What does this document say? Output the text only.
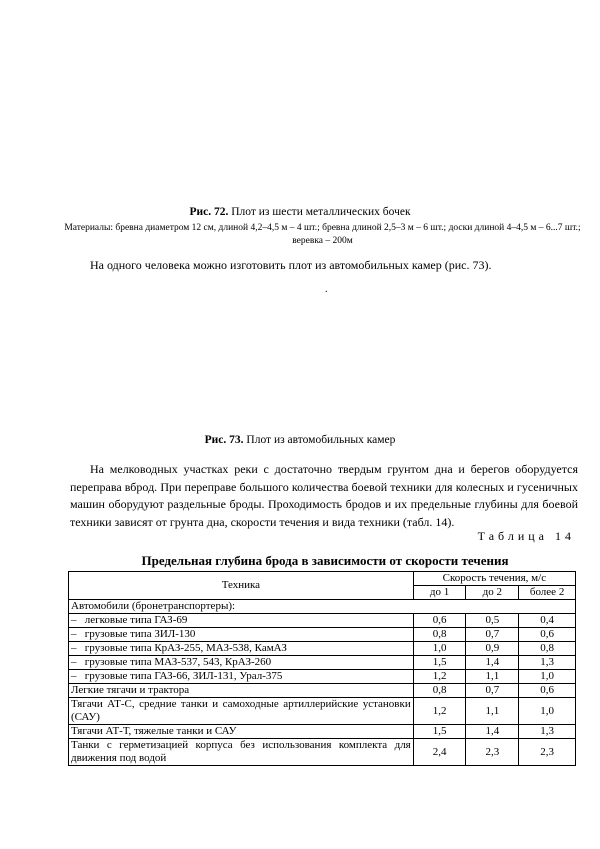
Рис. 72. Плот из шести металлических бочек
Материалы: бревна диаметром 12 см, длиной 4,2–4,5 м – 4 шт.; бревна длиной 2,5–3 м – 6 шт.; доски длиной 4–4,5 м – 6...7 шт.; веревка – 200м
На одного человека можно изготовить плот из автомобильных камер (рис. 73).
.
Рис. 73. Плот из автомобильных камер
На мелководных участках реки с достаточно твердым грунтом дна и берегов оборудуется переправа вброд. При переправе большого количества боевой техники для колесных и гусеничных машин оборудуют раздельные броды. Проходимость бродов и их предельные глубины для боевой техники зависят от грунта дна, скорости течения и вида техники (табл. 14).
Таблица 14
Предельная глубина брода в зависимости от скорости течения
Техника	Скорость течения, м/с		
	до 1	до 2	более 2
Автомобили (бронетранспортеры):			
–   легковые типа ГАЗ-69	0,6	0,5	0,4
–   грузовые типа ЗИЛ-130	0,8	0,7	0,6
–   грузовые типа КрАЗ-255, МАЗ-538, КамАЗ	1,0	0,9	0,8
–   грузовые типа МАЗ-537, 543, КрАЗ-260	1,5	1,4	1,3
–   грузовые типа ГАЗ-66, ЗИЛ-131, Урал-375	1,2	1,1	1,0
Легкие тягачи и трактора	0,8	0,7	0,6
Тягачи АТ-С, средние танки и самоходные артиллерийские установки (САУ)	1,2	1,1	1,0
Тягачи АТ-Т, тяжелые танки и САУ	1,5	1,4	1,3
Танки с герметизацией корпуса без использования комплекта для движения под водой	2,4	2,3	2,3
